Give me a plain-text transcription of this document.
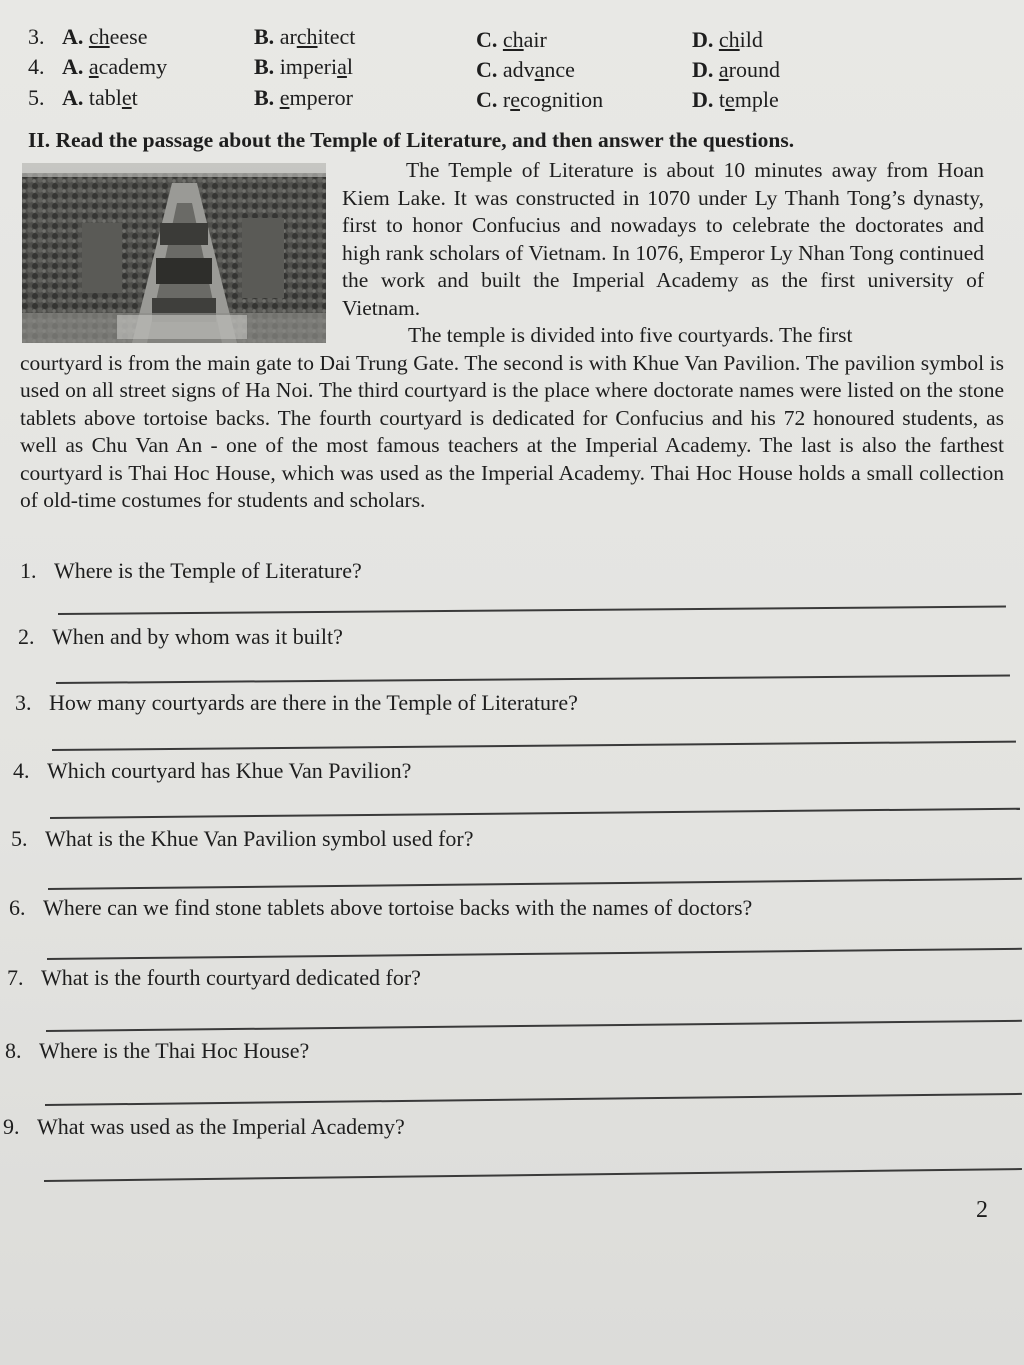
3. A. cheese	B. architect	C. chair	D. child
4. A. academy	B. imperial	C. advance	D. around
5. A. tablet	B. emperor	C. recognition	D. temple
II. Read the passage about the Temple of Literature, and then answer the questions.
The Temple of Literature is about 10 minutes away from Hoan Kiem Lake. It was constructed in 1070 under Ly Thanh Tong’s dynasty, first to honor Confucius and nowadays to celebrate the doctorates and high rank scholars of Vietnam. In 1076, Emperor Ly Nhan Tong continued the work and built the Imperial Academy as the first university of Vietnam.
The temple is divided into five courtyards. The first
courtyard is from the main gate to Dai Trung Gate. The second is with Khue Van Pavilion. The pavilion symbol is used on all street signs of Ha Noi. The third courtyard is the place where doctorate names were listed on the stone tablets above tortoise backs. The fourth courtyard is dedicated for Confucius and his 72 honoured students, as well as Chu Van An - one of the most famous teachers at the Imperial Academy. The last is also the farthest courtyard is Thai Hoc House, which was used as the Imperial Academy. Thai Hoc House holds a small collection of old-time costumes for students and scholars.
1. Where is the Temple of Literature?
2. When and by whom was it built?
3. How many courtyards are there in the Temple of Literature?
4. Which courtyard has Khue Van Pavilion?
5. What is the Khue Van Pavilion symbol used for?
6. Where can we find stone tablets above tortoise backs with the names of doctors?
7. What is the fourth courtyard dedicated for?
8. Where is the Thai Hoc House?
9. What was used as the Imperial Academy?
2
